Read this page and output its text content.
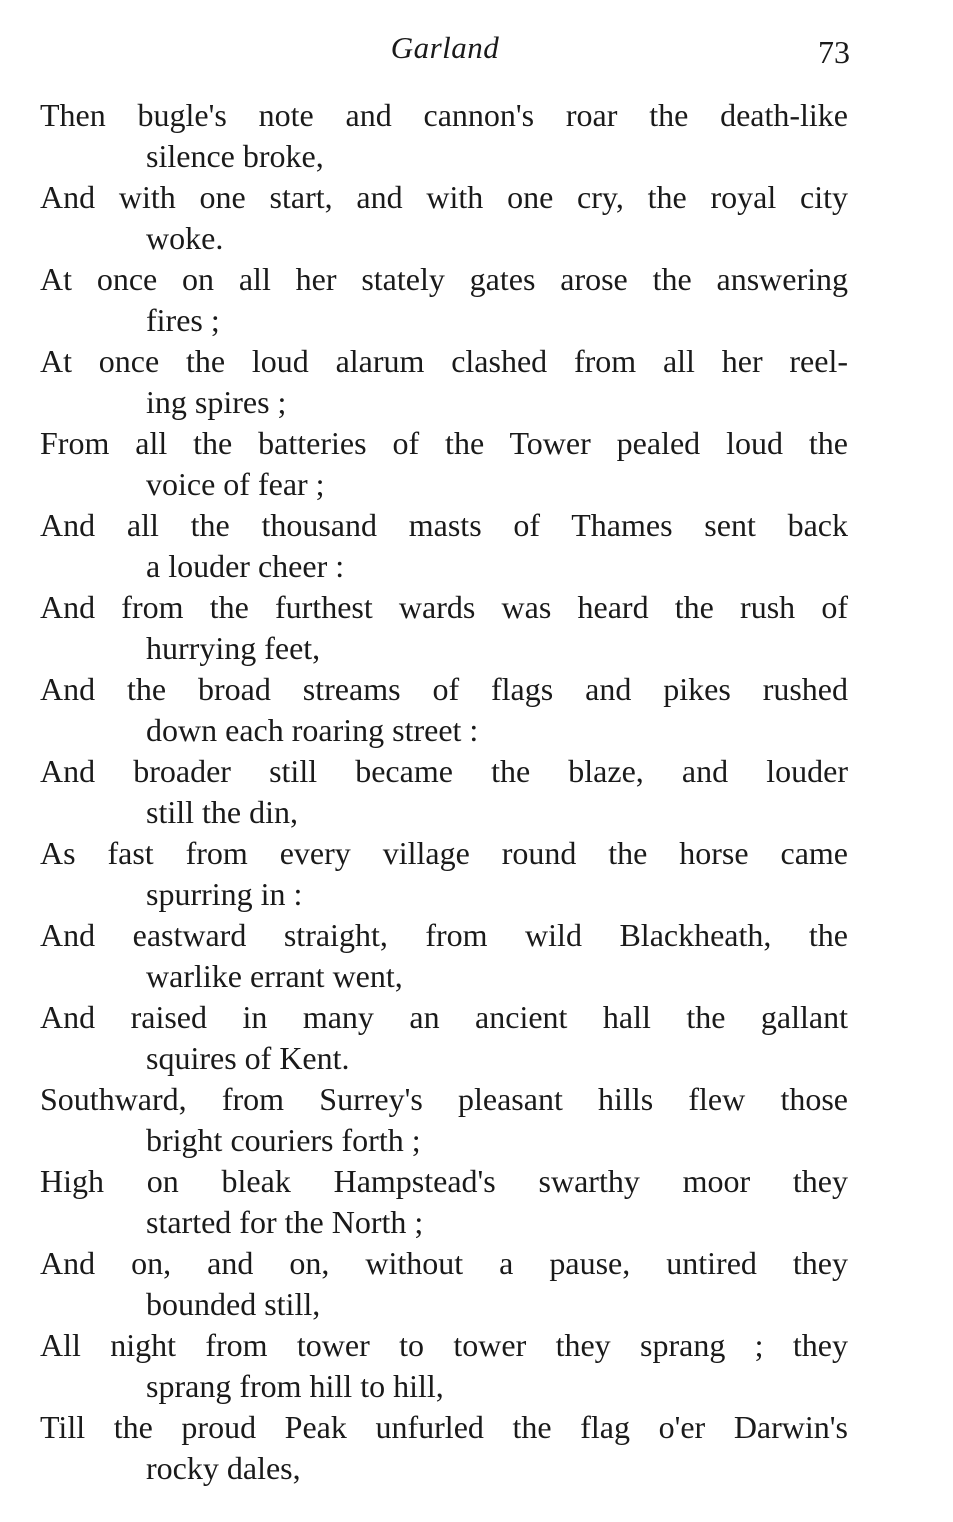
Garland	73

Then bugle's note and cannon's roar the death-like
silence broke,

And with one start, and with one cry, the royal city
woke.

At once on all her stately gates arose the answering
fires ;

At once the loud alarum clashed from all her reel-
ing spires ;

From all the batteries of the Tower pealed loud the
voice of fear ;

And all the thousand masts of Thames sent back
a louder cheer :

And from the furthest wards was heard the rush of
hurrying feet,

And the broad streams of flags and pikes rushed
down each roaring street :

And broader still became the blaze, and louder
still the din,

As fast from every village round the horse came
spurring in :

And eastward straight, from wild Blackheath, the
warlike errant went,

And raised in many an ancient hall the gallant
squires of Kent.

Southward, from Surrey's pleasant hills flew those
bright couriers forth ;

High on bleak Hampstead's swarthy moor they
started for the North ;

And on, and on, without a pause, untired they
bounded still,

All night from tower to tower they sprang ; they
sprang from hill to hill,

Till the proud Peak unfurled the flag o'er Darwin's
rocky dales,
